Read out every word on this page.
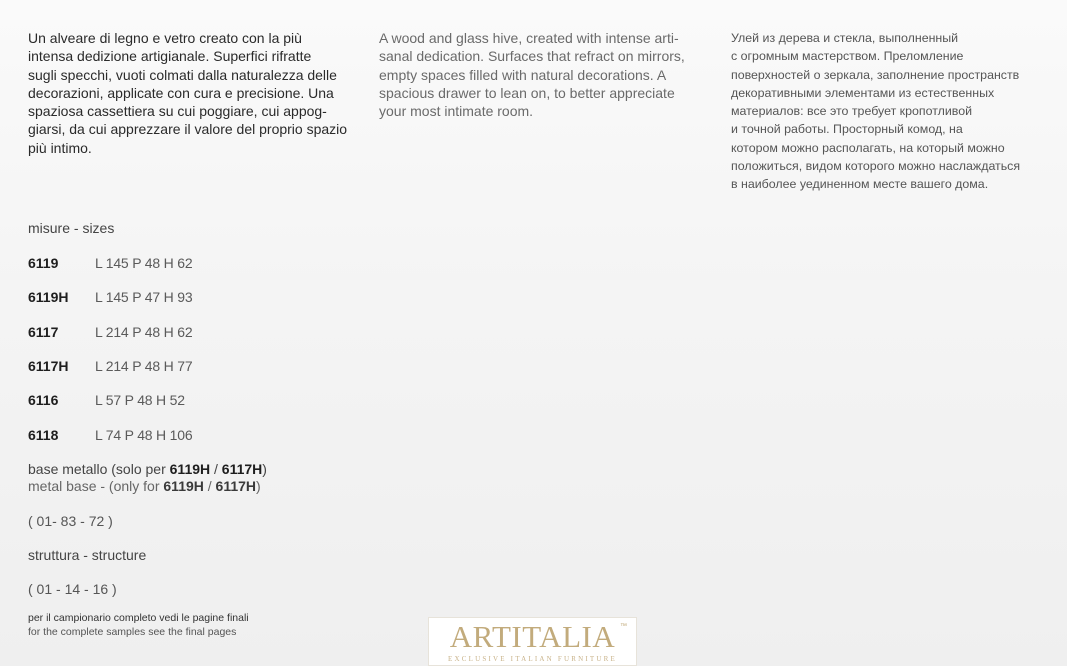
Un alveare di legno e vetro creato con la più
intensa dedizione artigianale. Superfici rifratte
sugli specchi, vuoti colmati dalla naturalezza delle
decorazioni, applicate con cura e precisione. Una
spaziosa cassettiera su cui poggiare, cui appog-
giarsi, da cui apprezzare il valore del proprio spazio
più intimo.

A wood and glass hive, created with intense arti-
sanal dedication. Surfaces that refract on mirrors,
empty spaces filled with natural decorations. A
spacious drawer to lean on, to better appreciate
your most intimate room.

Улей из дерева и стекла, выполненный
с огромным мастерством. Преломление
поверхностей о зеркала, заполнение пространств
декоративными элементами из естественных
материалов: все это требует кропотливой
и точной работы. Просторный комод, на
котором можно располагать, на который можно
положиться, видом которого можно наслаждаться
в наиболее уединенном месте вашего дома.

misure - sizes
6119	L 145 P 48 H 62
6119H L 145 P 47 H 93
6117	L 214 P 48 H 62
6117H L 214 P 48 H 77
6116	L 57 P 48 H 52
6118	L 74 P 48 H 106
base metallo (solo per 6119H / 6117H)
metal base - (only for 6119H / 6117H)
( 01- 83 - 72 )
struttura - structure
( 01 - 14 - 16 )
per il campionario completo vedi le pagine finali
for the complete samples see the final pages	ARTITALIA ™
EXCLUSIVE ITALIAN FURNITURE
